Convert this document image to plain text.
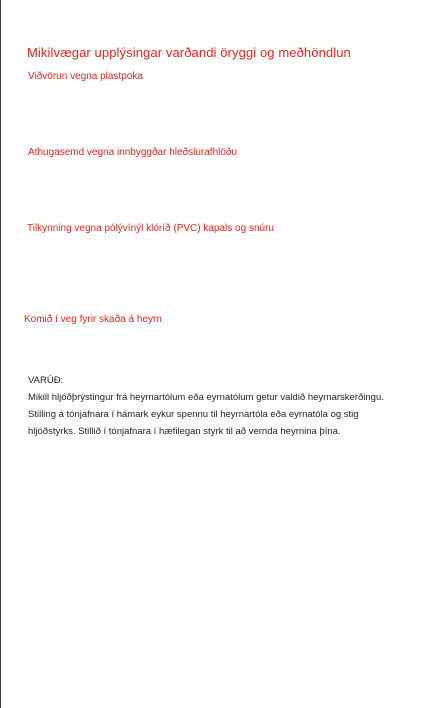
Mikilvægar upplýsingar varðandi öryggi og meðhöndlun
Viðvörun vegna plastpoka
Athugasemd vegna innbyggðar hleðslurafhlöðu
Tilkynning vegna pólývínýl klóríð (PVC) kapals og snúru
Komið í veg fyrir skaða á heyrn
VARÚÐ:
Mikill hljóðþrýstingur frá heyrnartólum eða eyrnatólum getur valdið heyrnarskerðingu.
Stilling á tónjafnara í hámark eykur spennu til heyrnartóla eða eyrnatóla og stig
hljóðstyrks. Stillið í tónjafnara í hæfilegan styrk til að vernda heyrnina þína.
